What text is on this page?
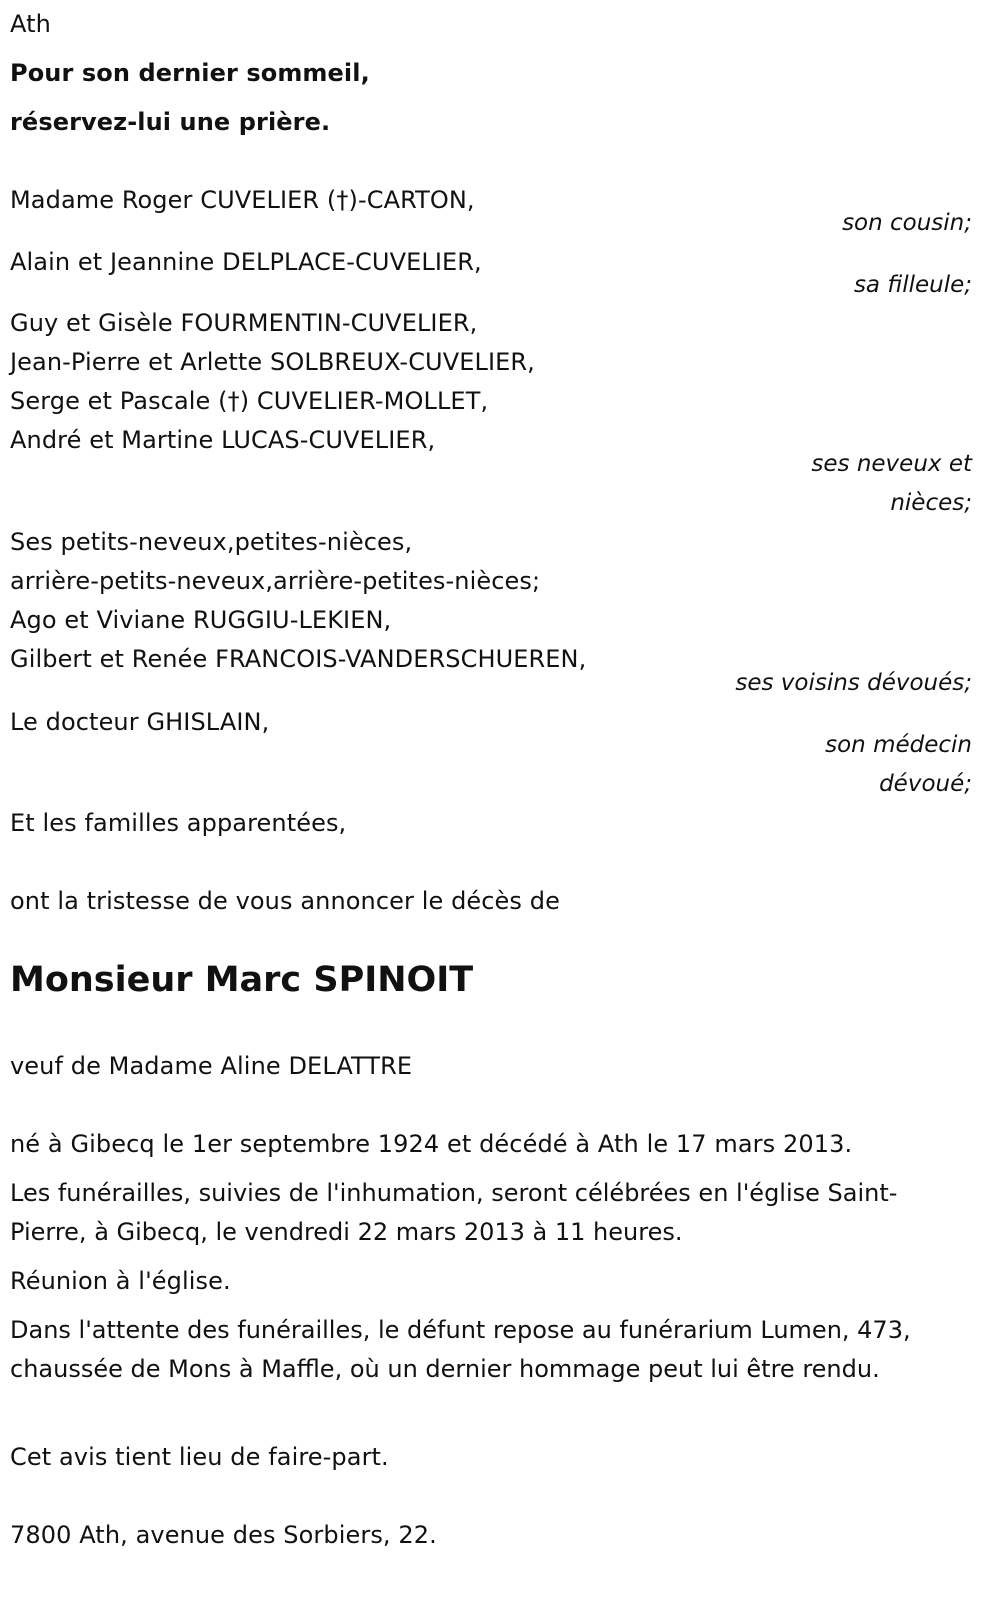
Ath
Pour son dernier sommeil,
réservez-lui une prière.
Madame Roger CUVELIER (†)-CARTON,
son cousin;
Alain et Jeannine DELPLACE-CUVELIER,
sa filleule;
Guy et Gisèle FOURMENTIN-CUVELIER,
Jean-Pierre et Arlette SOLBREUX-CUVELIER,
Serge et Pascale (†) CUVELIER-MOLLET,
André et Martine LUCAS-CUVELIER,
ses neveux et
nièces;
Ses petits-neveux,petites-nièces,
arrière-petits-neveux,arrière-petites-nièces;
Ago et Viviane RUGGIU-LEKIEN,
Gilbert et Renée FRANCOIS-VANDERSCHUEREN,
ses voisins dévoués;
Le docteur GHISLAIN,
son médecin
dévoué;
Et les familles apparentées,
ont la tristesse de vous annoncer le décès de
Monsieur Marc SPINOIT
veuf de Madame Aline DELATTRE
né à Gibecq le 1er septembre 1924 et décédé à Ath le 17 mars 2013.
Les funérailles, suivies de l'inhumation, seront célébrées en l'église Saint-Pierre, à Gibecq, le vendredi 22 mars 2013 à 11 heures.
Réunion à l'église.
Dans l'attente des funérailles, le défunt repose au funérarium Lumen, 473, chaussée de Mons à Maffle, où un dernier hommage peut lui être rendu.
Cet avis tient lieu de faire-part.
7800 Ath, avenue des Sorbiers, 22.
